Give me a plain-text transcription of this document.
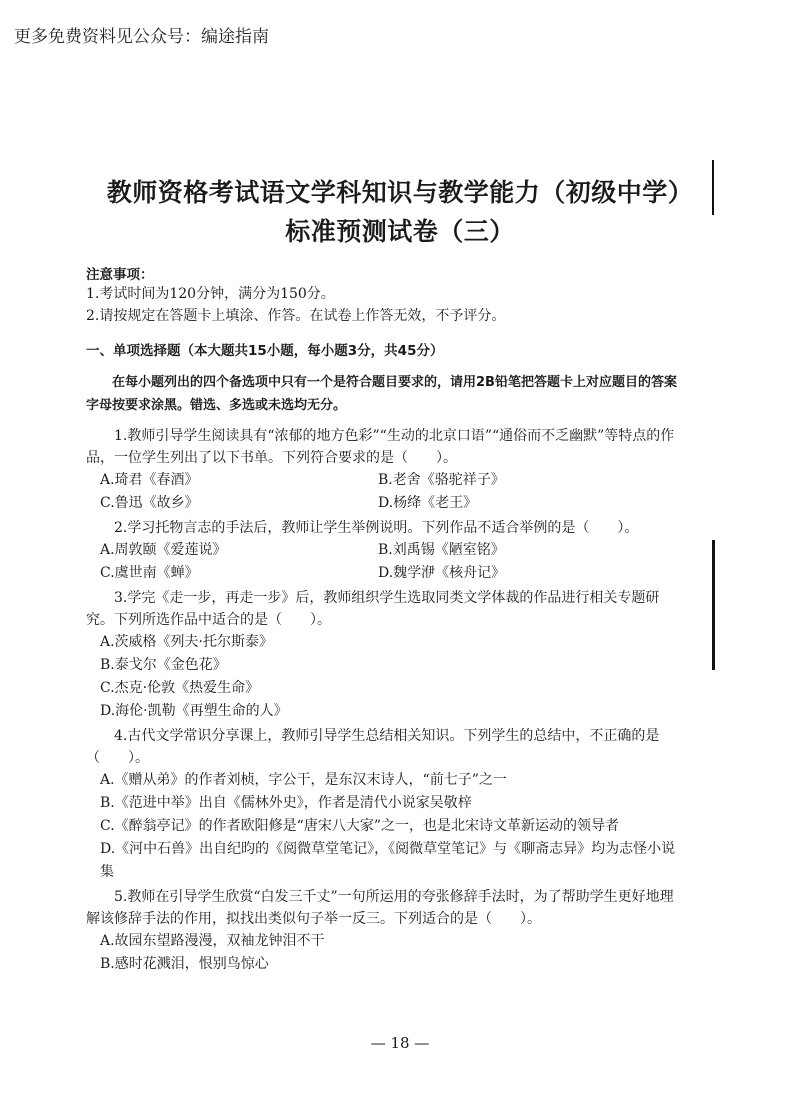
更多免费资料见公众号：编途指南
教师资格考试语文学科知识与教学能力（初级中学）
标准预测试卷（三）
注意事项：
1.考试时间为120分钟，满分为150分。
2.请按规定在答题卡上填涂、作答。在试卷上作答无效，不予评分。
一、单项选择题（本大题共15小题，每小题3分，共45分）
在每小题列出的四个备选项中只有一个是符合题目要求的，请用2B铅笔把答题卡上对应题目的答案字母按要求涂黑。错选、多选或未选均无分。
1.教师引导学生阅读具有“浓郁的地方色彩”“生动的北京口语”“通俗而不乏幽默”等特点的作品，一位学生列出了以下书单。下列符合要求的是（　　）。
A.琦君《春酒》	B.老舍《骆驼祥子》
C.鲁迅《故乡》	D.杨绛《老王》
2.学习托物言志的手法后，教师让学生举例说明。下列作品不适合举例的是（　　）。
A.周敦颐《爱莲说》	B.刘禹锡《陋室铭》
C.虞世南《蝉》	D.魏学洢《核舟记》
3.学完《走一步，再走一步》后，教师组织学生选取同类文学体裁的作品进行相关专题研究。下列所选作品中适合的是（　　）。
A.茨威格《列夫·托尔斯泰》
B.泰戈尔《金色花》
C.杰克·伦敦《热爱生命》
D.海伦·凯勒《再塑生命的人》
4.古代文学常识分享课上，教师引导学生总结相关知识。下列学生的总结中，不正确的是（　　）。
A.《赠从弟》的作者刘桢，字公干，是东汉末诗人，“前七子”之一
B.《范进中举》出自《儒林外史》，作者是清代小说家吴敬梓
C.《醉翁亭记》的作者欧阳修是“唐宋八大家”之一，也是北宋诗文革新运动的领导者
D.《河中石兽》出自纪昀的《阅微草堂笔记》，《阅微草堂笔记》与《聊斋志异》均为志怪小说集
5.教师在引导学生欣赏“白发三千丈”一句所运用的夸张修辞手法时，为了帮助学生更好地理解该修辞手法的作用，拟找出类似句子举一反三。下列适合的是（　　）。
A.故园东望路漫漫，双袖龙钟泪不干
B.感时花溅泪，恨别鸟惊心
— 18 —
